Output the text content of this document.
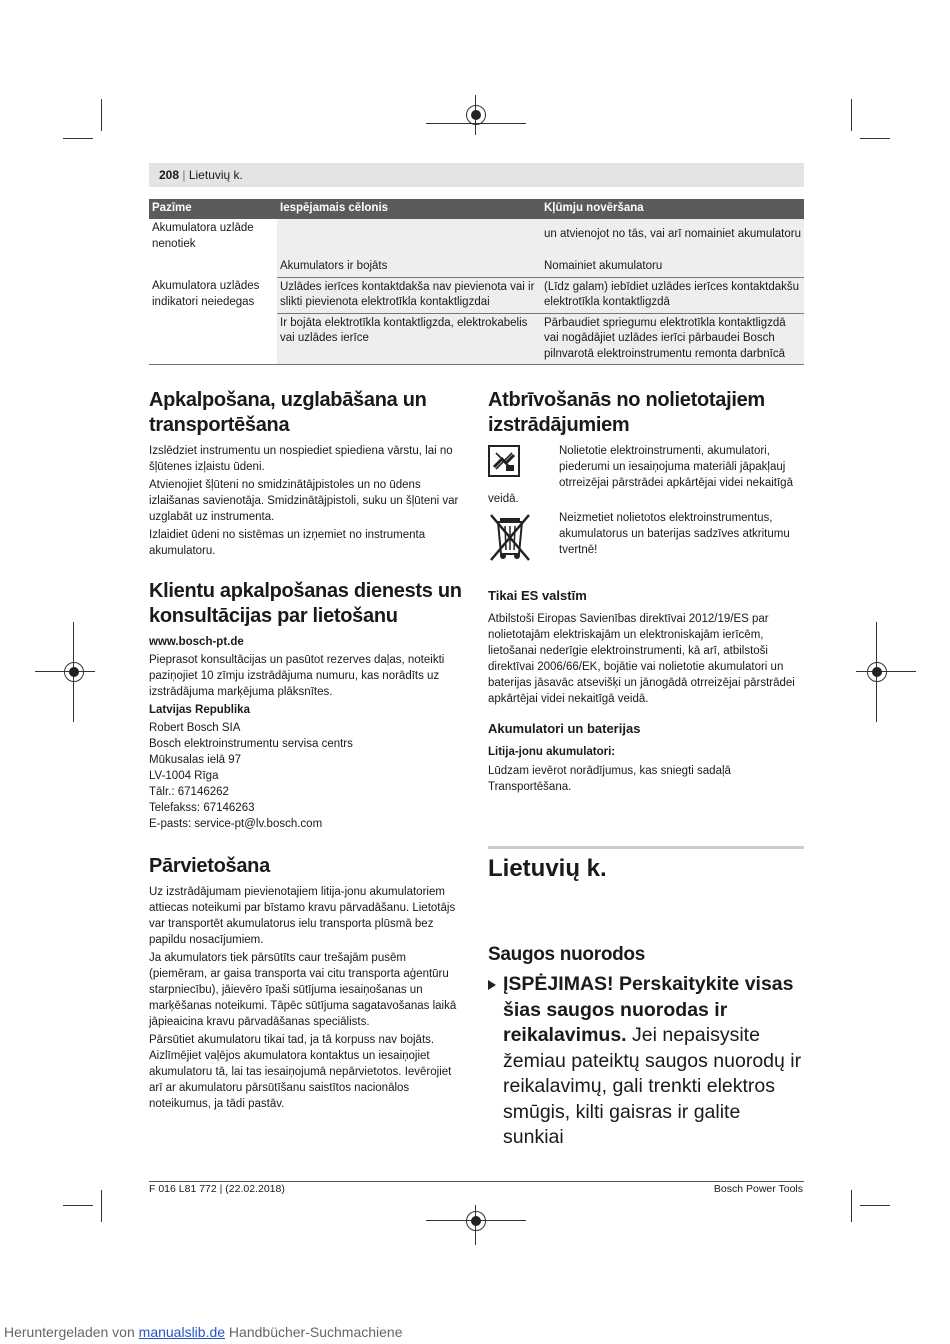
208 | Lietuvių k.
Pazīme	Iespējamais cēlonis	Kļūmju novēršana
Akumulatora uzlāde nenotiek		un atvienojot no tās, vai arī nomainiet akumulatoru
	Akumulators ir bojāts	Nomainiet akumulatoru
Akumulatora uzlādes indikatori neiedegas	Uzlādes ierīces kontaktdakša nav pievienota vai ir slikti pievienota elektrotīkla kontaktligzdai	(Līdz galam) iebīdiet uzlādes ierīces kontaktdakšu elektrotīkla kontaktligzdā
	Ir bojāta elektrotīkla kontaktligzda, elektrokabelis vai uzlādes ierīce	Pārbaudiet spriegumu elektrotīkla kontaktligzdā vai nogādājiet uzlādes ierīci pārbaudei Bosch pilnvarotā elektroinstrumentu remonta darbnīcā
Apkalpošana, uzglabāšana un transportēšana

Izslēdziet instrumentu un nospiediet spiediena vārstu, lai no šļūtenes izļaistu ūdeni.

Atvienojiet šļūteni no smidzinātājpistoles un no ūdens izlaišanas savienotāja. Smidzinātājpistoli, suku un šļūteni var uzglabāt uz instrumenta.

Izlaidiet ūdeni no sistēmas un izņemiet no instrumenta akumulatoru.

Klientu apkalpošanas dienests un konsultācijas par lietošanu

www.bosch-pt.de

Pieprasot konsultācijas un pasūtot rezerves daļas, noteikti paziņojiet 10 zīmju izstrādājuma numuru, kas norādīts uz izstrādājuma marķējuma plāksnītes.

Latvijas Republika

Robert Bosch SIA
Bosch elektroinstrumentu servisa centrs
Mūkusalas ielā 97
LV-1004 Rīga
Tālr.: 67146262
Telefakss: 67146263
E-pasts: service-pt@lv.bosch.com
Pārvietošana

Uz izstrādājumam pievienotajiem litija-jonu akumulatoriem attiecas noteikumi par bīstamo kravu pārvadāšanu. Lietotājs var transportēt akumulatorus ielu transporta plūsmā bez papildu nosacījumiem.

Ja akumulators tiek pārsūtīts caur trešajām pusēm (piemēram, ar gaisa transporta vai citu transporta aģentūru starpniecību), jāievēro īpaši sūtījuma iesaiņošanas un marķēšanas noteikumi. Tāpēc sūtījuma sagatavošanas laikā jāpieaicina kravu pārvadāšanas speciālists.

Pārsūtiet akumulatoru tikai tad, ja tā korpuss nav bojāts. Aizlīmējiet vaļējos akumulatora kontaktus un iesaiņojiet akumulatoru tā, lai tas iesaiņojumā nepārvietotos. Ievērojiet arī ar akumulatoru pārsūtīšanu saistītos nacionālos noteikumus, ja tādi pastāv.

Atbrīvošanās no nolietotajiem izstrādājumiem
Nolietotie elektroinstrumenti, akumulatori, piederumi un iesaiņojuma materiāli jāpakļauj otrreizējai pārstrādei apkārtējai videi nekaitīgā
veidā.
Neizmetiet nolietotos elektroinstrumentus, akumulatorus un baterijas sadzīves atkritumu tvertnē!
Tikai ES valstīm
Atbilstoši Eiropas Savienības direktīvai 2012/19/ES par nolietotajām elektriskajām un elektroniskajām ierīcēm, lietošanai nederīgie elektroinstrumenti, kā arī, atbilstoši direktīvai 2006/66/EK, bojātie vai nolietotie akumulatori un baterijas jāsavāc atsevišķi un jānogādā otrreizējai pārstrādei apkārtējai videi nekaitīgā veidā.
Akumulatori un baterijas
Litija-jonu akumulatori:
Lūdzam ievērot norādījumus, kas sniegti sadaļā Transportēšana.
Lietuvių k.
Saugos nuorodos
ĮSPĖJIMAS! Perskaitykite visas šias saugos nuorodas ir reikalavimus. Jei nepaisysite žemiau pateiktų saugos nuorodų ir reikalavimų, gali trenkti elektros smūgis, kilti gaisras ir galite sunkiai
F 016 L81 772 | (22.02.2018)	Bosch Power Tools
Heruntergeladen von manualslib.de Handbücher-Suchmachiene
